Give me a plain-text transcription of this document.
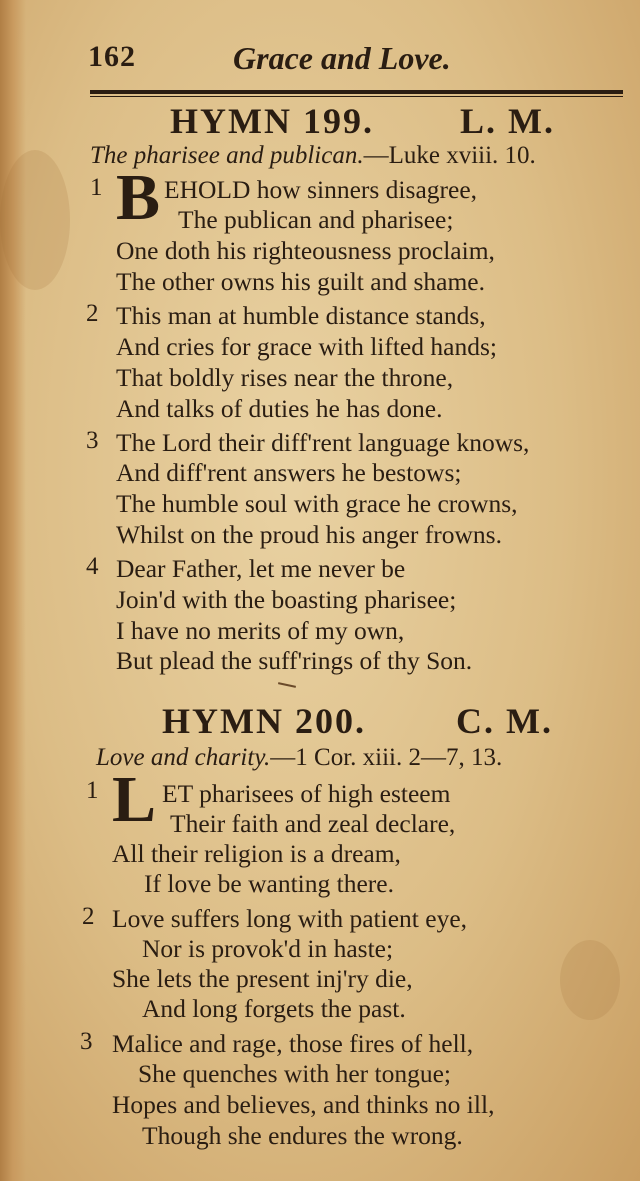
162	Grace and Love.
HYMN 199. L. M.
The pharisee and publican.—Luke xviii. 10.
1 B EHOLD how sinners disagree,
The publican and pharisee;
One doth his righteousness proclaim,
The other owns his guilt and shame.
2 This man at humble distance stands,
And cries for grace with lifted hands;
That boldly rises near the throne,
And talks of duties he has done.
3 The Lord their diff'rent language knows,
And diff'rent answers he bestows;
The humble soul with grace he crowns,
Whilst on the proud his anger frowns.
4 Dear Father, let me never be
Join'd with the boasting pharisee;
I have no merits of my own,
But plead the suff'rings of thy Son.
HYMN 200.	C. M.
Love and charity.—1 Cor. xiii. 2—7, 13.
1 L ET pharisees of high esteem
Their faith and zeal declare,
All their religion is a dream,
If love be wanting there.
2 Love suffers long with patient eye,
Nor is provok'd in haste;
She lets the present inj'ry die,
And long forgets the past.
3 Malice and rage, those fires of hell,
She quenches with her tongue;
Hopes and believes, and thinks no ill,
Though she endures the wrong.
